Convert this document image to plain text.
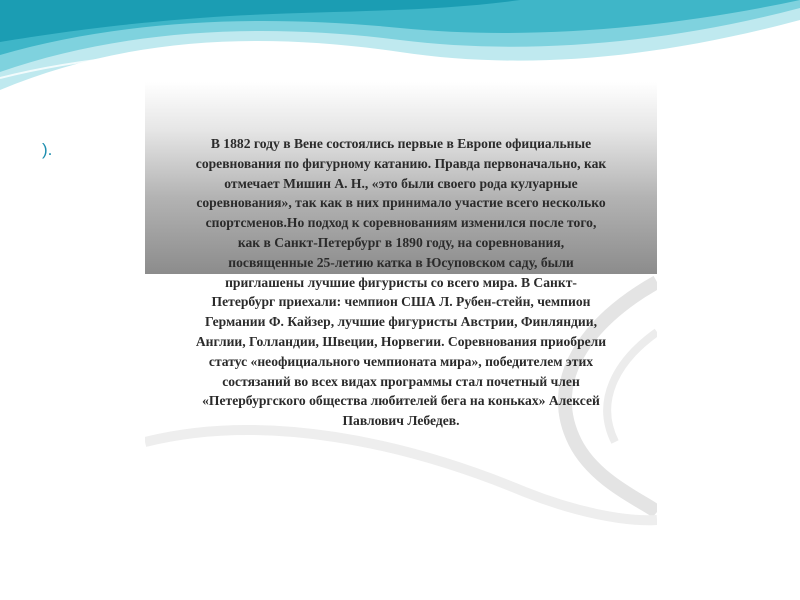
).	В 1882 году в Вене состоялись первые в Европе официальные
соревнования по фигурному катанию. Правда первоначально, как
отмечает Мишин А. Н., «это были своего рода кулуарные
соревнования», так как в них принимало участие всего несколько
спортсменов.Но подход к соревнованиям изменился после того,
как в Санкт-Петербург в 1890 году, на соревнования,
посвященные 25-летию катка в Юсуповском саду, были
приглашены лучшие фигуристы со всего мира. В Санкт-
Петербург приехали: чемпион США Л. Рубен-стейн, чемпион
Германии Ф. Кайзер, лучшие фигуристы Австрии, Финляндии,
Англии, Голландии, Швеции, Норвегии. Соревнования приобрели
статус «неофициального чемпионата мира», победителем этих
состязаний во всех видах программы стал почетный член
«Петербургского общества любителей бега на коньках» Алексей
Павлович Лебедев.
